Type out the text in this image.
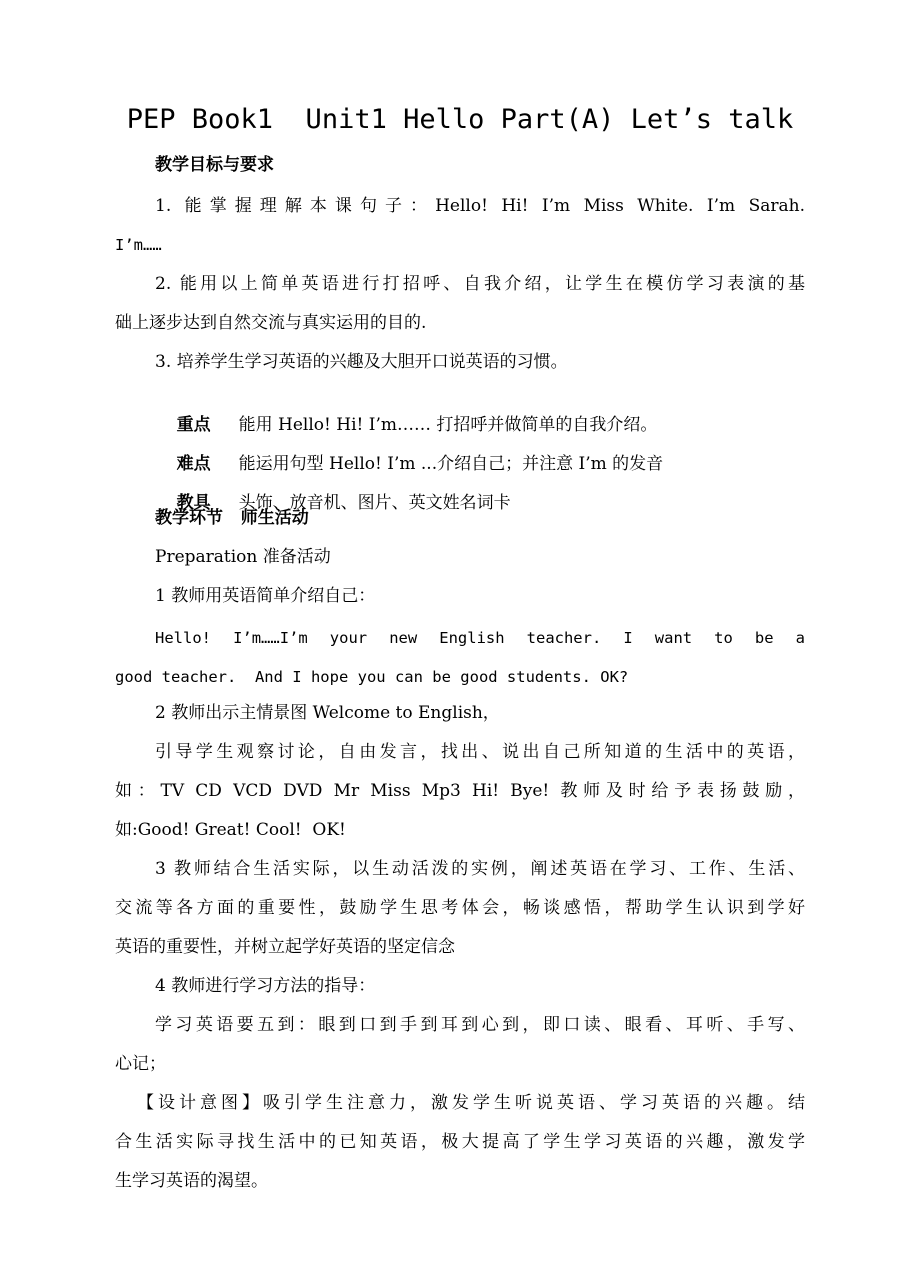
PEP Book1  Unit1 Hello Part(A) Let’s talk
教学目标与要求
1. 能掌握理解本课句子：Hello! Hi! I’m Miss White. I’m Sarah.
I’m……
2. 能用以上简单英语进行打招呼、自我介绍，让学生在模仿学习表演的基
础上逐步达到自然交流与真实运用的目的.
3. 培养学生学习英语的兴趣及大胆开口说英语的习惯。

重点 能用 Hello! Hi! I’m…… 打招呼并做简单的自我介绍。

难点 能运用句型 Hello! I’m ...介绍自己；并注意 I’m 的发音

教具 头饰、放音机、图片、英文姓名词卡

教学环节   师生活动
Preparation 准备活动
1 教师用英语简单介绍自己：
Hello! I’m……I’m your new English teacher. I want to be a
good teacher.  And I hope you can be good students. OK?
2 教师出示主情景图 Welcome to English，
引导学生观察讨论，自由发言，找出、说出自己所知道的生活中的英语，
如：TV CD VCD DVD Mr Miss Mp3 Hi! Bye! 教师及时给予表扬鼓励，
如:Good! Great! Cool!  OK!
3 教师结合生活实际，以生动活泼的实例，阐述英语在学习、工作、生活、
交流等各方面的重要性，鼓励学生思考体会，畅谈感悟，帮助学生认识到学好
英语的重要性，并树立起学好英语的坚定信念
4 教师进行学习方法的指导：
学习英语要五到：眼到口到手到耳到心到，即口读、眼看、耳听、手写、
心记；
【设计意图】吸引学生注意力，激发学生听说英语、学习英语的兴趣。结
合生活实际寻找生活中的已知英语，极大提高了学生学习英语的兴趣，激发学
生学习英语的渴望。
